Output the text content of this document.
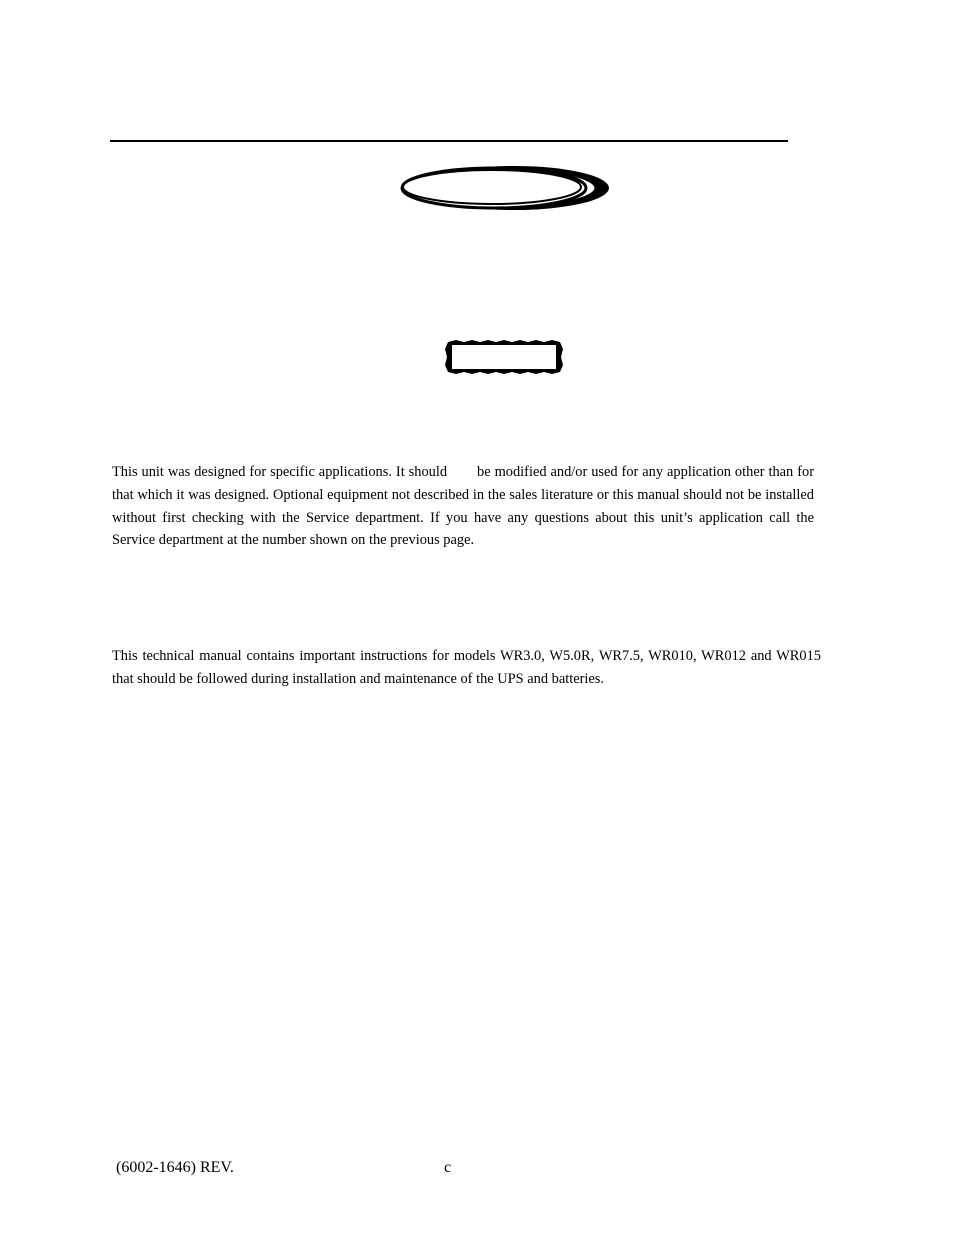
This unit was designed for specific applications. It should be modified and/or used for any application other than for that which it was designed. Optional equipment not described in the sales literature or this manual should not be installed without first checking with the Service department. If you have any questions about this unit’s application call the Service department at the number shown on the previous page.

This technical manual contains important instructions for models WR3.0, W5.0R, WR7.5, WR010, WR012 and WR015 that should be followed during installation and maintenance of the UPS and batteries.

(6002-1646) REV.	c
